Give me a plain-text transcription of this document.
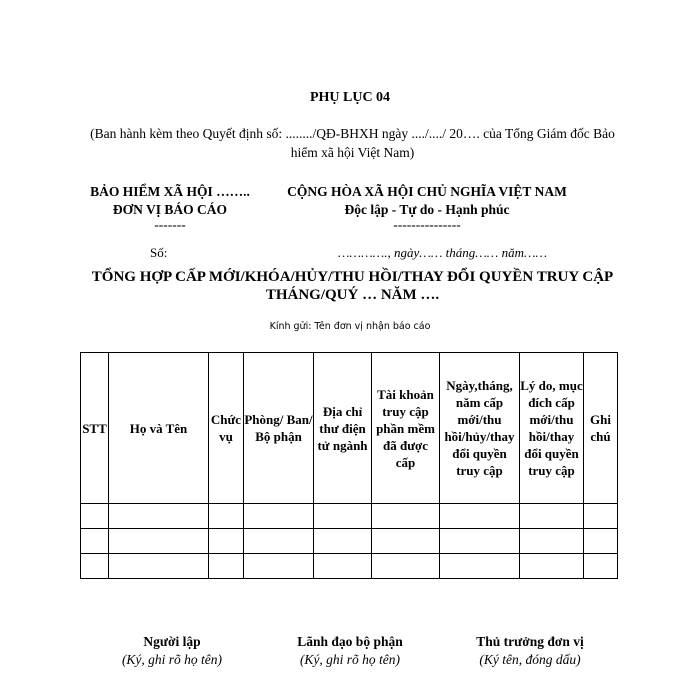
PHỤ LỤC 04
(Ban hành kèm theo Quyết định số: ......../QĐ-BHXH ngày ..../..../ 20…. của Tổng Giám đốc Bảo hiểm xã hội Việt Nam)
BẢO HIỂM XÃ HỘI ……..
ĐƠN VỊ BÁO CÁO
-------
CỘNG HÒA XÃ HỘI CHỦ NGHĨA VIỆT NAM
Độc lập - Tự do - Hạnh phúc
---------------
Số:	…………., ngày…… tháng…… năm……
TỔNG HỢP CẤP MỚI/KHÓA/HỦY/THU HỒI/THAY ĐỔI QUYỀN TRUY CẬP THÁNG/QUÝ … NĂM ….
Kính gửi: Tên đơn vị nhận báo cáo
STT	Họ và Tên	Chức vụ	Phòng/ Ban/ Bộ phận	Địa chỉ thư điện tử ngành	Tài khoản truy cập phần mềm đã được cấp	Ngày,tháng, năm cấp mới/thu hồi/hủy/thay đổi quyền truy cập	Lý do, mục đích cấp mới/thu hồi/thay đổi quyền truy cập	Ghi chú

Người lập
(Ký, ghi rõ họ tên)
Lãnh đạo bộ phận
(Ký, ghi rõ họ tên)
Thủ trưởng đơn vị
(Ký tên, đóng dấu)
